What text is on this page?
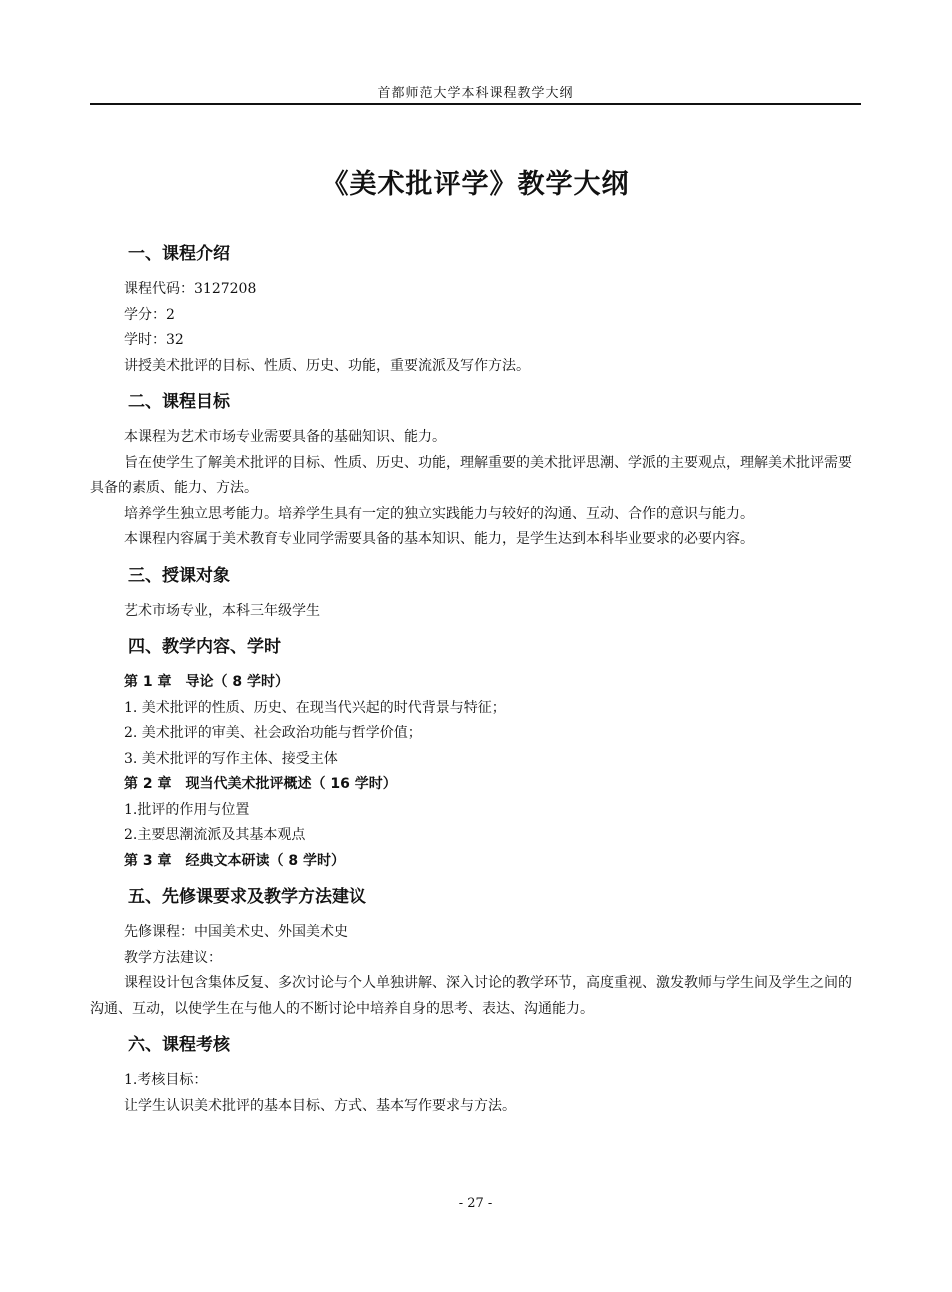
首都师范大学本科课程教学大纲
《美术批评学》教学大纲
一、课程介绍

课程代码：3127208

学分：2

学时：32

讲授美术批评的目标、性质、历史、功能，重要流派及写作方法。

二、课程目标

本课程为艺术市场专业需要具备的基础知识、能力。

旨在使学生了解美术批评的目标、性质、历史、功能，理解重要的美术批评思潮、学派的主要观点，理解美术批评需要具备的素质、能力、方法。

培养学生独立思考能力。培养学生具有一定的独立实践能力与较好的沟通、互动、合作的意识与能力。

本课程内容属于美术教育专业同学需要具备的基本知识、能力，是学生达到本科毕业要求的必要内容。

三、授课对象

艺术市场专业，本科三年级学生

四、教学内容、学时

第 1 章　导论（ 8 学时）

1. 美术批评的性质、历史、在现当代兴起的时代背景与特征；

2. 美术批评的审美、社会政治功能与哲学价值；

3. 美术批评的写作主体、接受主体

第 2 章　现当代美术批评概述（ 16 学时）

1.批评的作用与位置

2.主要思潮流派及其基本观点

第 3 章　经典文本研读（ 8 学时）

五、先修课要求及教学方法建议

先修课程：中国美术史、外国美术史

教学方法建议：

课程设计包含集体反复、多次讨论与个人单独讲解、深入讨论的教学环节，高度重视、激发教师与学生间及学生之间的沟通、互动，以使学生在与他人的不断讨论中培养自身的思考、表达、沟通能力。

六、课程考核

1.考核目标：

让学生认识美术批评的基本目标、方式、基本写作要求与方法。

- 27 -
